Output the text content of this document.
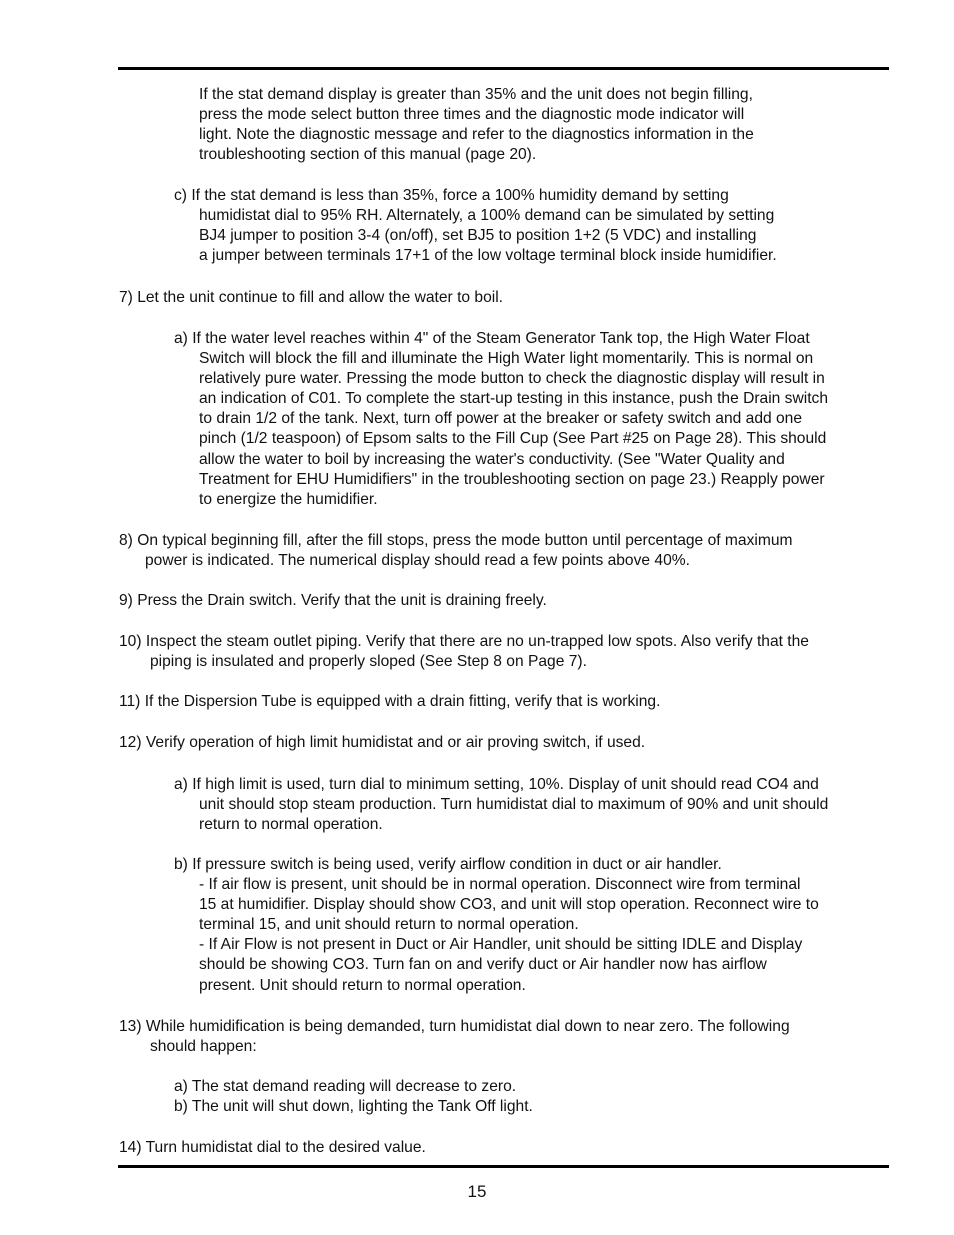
If the stat demand display is greater than 35% and the unit does not begin filling,
press the mode select button three times and the diagnostic mode indicator will
light. Note the diagnostic message and refer to the diagnostics information in the
troubleshooting section of this manual (page 20).
c) If the stat demand is less than 35%, force a 100% humidity demand by setting
humidistat dial to 95% RH. Alternately, a 100% demand can be simulated by setting
BJ4 jumper to position 3-4 (on/off), set BJ5 to position 1+2 (5 VDC) and installing
a jumper between terminals 17+1 of the low voltage terminal block inside humidifier.
7) Let the unit continue to fill and allow the water to boil.
a) If the water level reaches within 4" of the Steam Generator Tank top, the High Water Float
Switch will block the fill and illuminate the High Water light momentarily. This is normal on
relatively pure water. Pressing the mode button to check the diagnostic display will result in
an indication of C01. To complete the start-up testing in this instance, push the Drain switch
to drain 1/2 of the tank. Next, turn off power at the breaker or safety switch and add one
pinch (1/2 teaspoon) of Epsom salts to the Fill Cup (See Part #25 on Page 28). This should
allow the water to boil by increasing the water's conductivity. (See "Water Quality and
Treatment for EHU Humidifiers" in the troubleshooting section on page 23.) Reapply power
to energize the humidifier.
8) On typical beginning fill, after the fill stops, press the mode button until percentage of maximum
power is indicated. The numerical display should read a few points above 40%.
9) Press the Drain switch. Verify that the unit is draining freely.
10) Inspect the steam outlet piping. Verify that there are no un-trapped low spots. Also verify that the
piping is insulated and properly sloped (See Step 8 on Page 7).
11) If the Dispersion Tube is equipped with a drain fitting, verify that is working.
12) Verify operation of high limit humidistat and or air proving switch, if used.
a) If high limit is used, turn dial to minimum setting, 10%. Display of unit should read CO4 and
unit should stop steam production. Turn humidistat dial to maximum of 90% and unit should
return to normal operation.
b) If pressure switch is being used, verify airflow condition in duct or air handler.
- If air flow is present, unit should be in normal operation. Disconnect wire from terminal
15 at humidifier. Display should show CO3, and unit will stop operation. Reconnect wire to
terminal 15, and unit should return to normal operation.
- If Air Flow is not present in Duct or Air Handler, unit should be sitting IDLE and Display
should be showing CO3. Turn fan on and verify duct or Air handler now has airflow
present. Unit should return to normal operation.
13) While humidification is being demanded, turn humidistat dial down to near zero. The following
should happen:
a) The stat demand reading will decrease to zero.
b) The unit will shut down, lighting the Tank Off light.
14) Turn humidistat dial to the desired value.
15
